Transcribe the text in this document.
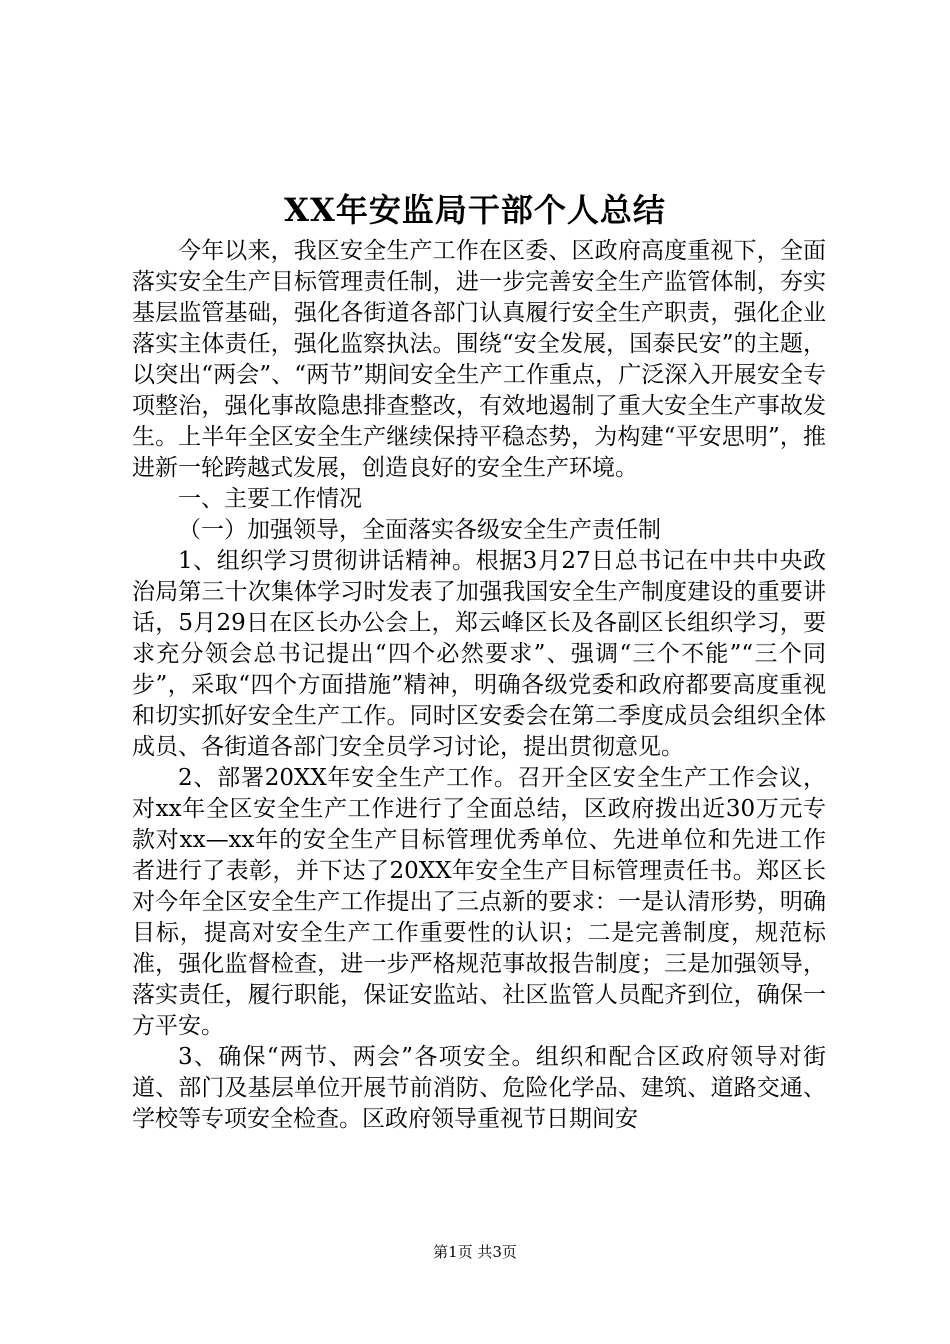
XX年安监局干部个人总结

今年以来，我区安全生产工作在区委、区政府高度重视下，全面落实安全生产目标管理责任制，进一步完善安全生产监管体制，夯实基层监管基础，强化各街道各部门认真履行安全生产职责，强化企业落实主体责任，强化监察执法。围绕“安全发展，国泰民安”的主题，以突出“两会”、“两节”期间安全生产工作重点，广泛深入开展安全专项整治，强化事故隐患排查整改，有效地遏制了重大安全生产事故发生。上半年全区安全生产继续保持平稳态势，为构建“平安思明”，推进新一轮跨越式发展，创造良好的安全生产环境。

一、主要工作情况

（一）加强领导，全面落实各级安全生产责任制

1、组织学习贯彻讲话精神。根据3月27日总书记在中共中央政治局第三十次集体学习时发表了加强我国安全生产制度建设的重要讲话，5月29日在区长办公会上，郑云峰区长及各副区长组织学习，要求充分领会总书记提出“四个必然要求”、强调“三个不能”“三个同步”，采取“四个方面措施”精神，明确各级党委和政府都要高度重视和切实抓好安全生产工作。同时区安委会在第二季度成员会组织全体成员、各街道各部门安全员学习讨论，提出贯彻意见。

2、部署20XX年安全生产工作。召开全区安全生产工作会议，对xx年全区安全生产工作进行了全面总结，区政府拨出近30万元专款对xx—xx年的安全生产目标管理优秀单位、先进单位和先进工作者进行了表彰，并下达了20XX年安全生产目标管理责任书。郑区长对今年全区安全生产工作提出了三点新的要求：一是认清形势，明确目标，提高对安全生产工作重要性的认识；二是完善制度，规范标准，强化监督检查，进一步严格规范事故报告制度；三是加强领导，落实责任，履行职能，保证安监站、社区监管人员配齐到位，确保一方平安。

3、确保“两节、两会”各项安全。组织和配合区政府领导对街道、部门及基层单位开展节前消防、危险化学品、建筑、道路交通、学校等专项安全检查。区政府领导重视节日期间安

第1页 共3页
